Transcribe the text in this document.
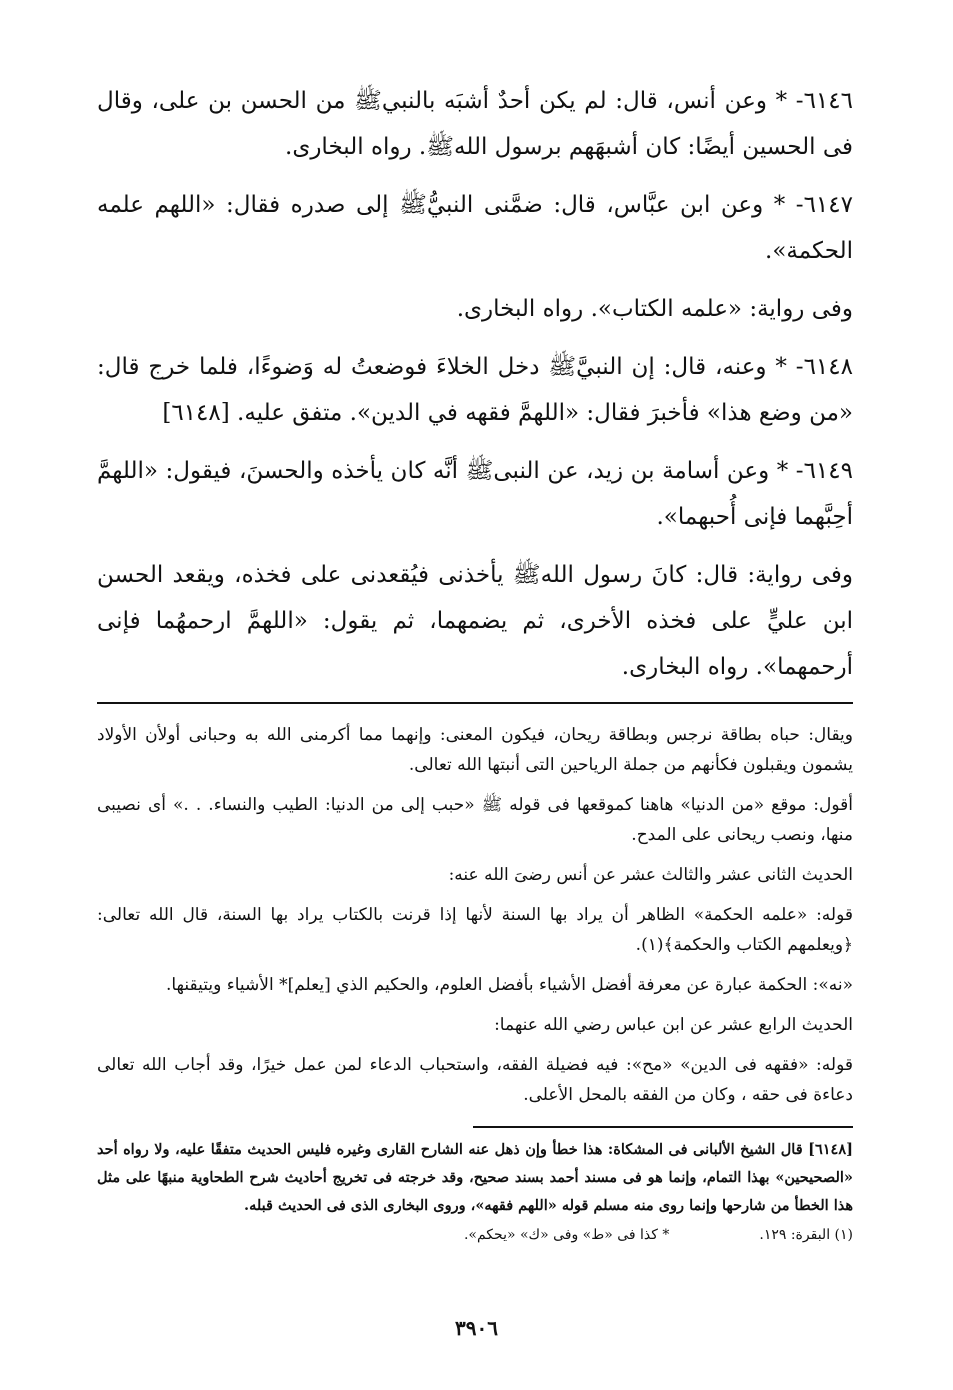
٦١٤٦- * وعن أنس، قال: لم يكن أحدٌ أشبَه بالنبيﷺ من الحسن بن على، وقال فى الحسين أيضًا: كان أشبهَهم برسول اللهﷺ. رواه البخارى.

٦١٤٧- * وعن ابن عبَّاس، قال: ضمَّنى النبيُّﷺ إلى صدره فقال: «اللهم علمه الحكمة».

وفى رواية: «علمه الكتاب». رواه البخارى.

٦١٤٨- * وعنه، قال: إن النبيَّﷺ دخل الخلاءَ فوضعتُ له وَضوءًا، فلما خرج قال: «من وضع هذا» فأخبرَ فقال: «اللهمَّ فقهه في الدين». متفق عليه. [٦١٤٨]

٦١٤٩- * وعن أسامة بن زيد، عن النبىﷺ أنَّه كان يأخذه والحسنَ، فيقول: «اللهمَّ أحِبَّهما فإنى أُحبهما».

وفى رواية: قال: كانَ رسول اللهﷺ يأخذنى فيُقعدنى على فخذه، ويقعد الحسن ابن عليٍّ على فخذه الأخرى، ثم يضمهما، ثم يقول: «اللهمَّ ارحمهُما فإنى أرحمهما». رواه البخارى.

ويقال: حباه بطاقة نرجس وبطاقة ريحان، فيكون المعنى: وإنهما مما أكرمنى الله به وحبانى أولأن الأولاد يشمون ويقبلون فكأنهم من جملة الرياحين التى أنبتها الله تعالى.

أقول: موقع «من الدنيا» هاهنا كموقعها فى قوله ﷺ «حبب إلى من الدنيا: الطيب والنساء. . .» أى نصيبى منها، ونصب ريحانى على المدح.

الحديث الثانى عشر والثالث عشر عن أنس رضىَ الله عنه:

قوله: «علمه الحكمة» الظاهر أن يراد بها السنة لأنها إذا قرنت بالكتاب يراد بها السنة، قال الله تعالى: ﴿ويعلمهم الكتاب والحكمة﴾(١).

«نه»: الحكمة عبارة عن معرفة أفضل الأشياء بأفضل العلوم، والحكيم الذي [يعلم]* الأشياء ويتيقنها.

الحديث الرابع عشر عن ابن عباس رضي الله عنهما:

قوله: «فقهه فى الدين» «مح»: فيه فضيلة الفقه، واستحباب الدعاء لمن عمل خيرًا، وقد أجاب الله تعالى دعاءة فى حقه ، وكان من الفقه بالمحل الأعلى.

[٦١٤٨] قال الشيخ الألبانى فى المشكاة: هذا خطأ وإن ذهل عنه الشارح القارى وغيره فليس الحديث متفقًا عليه، ولا رواه أحد «الصحيحين» بهذا التمام، وإنما هو فى مسند أحمد بسند صحيح، وقد خرجته فى تخريج أحاديث شرح الطحاوية منبهًا على مثل هذا الخطأ من شارحها وإنما روى منه مسلم قوله «اللهم فقهه»، وروى البخارى الذى فى الحديث قبله.

(١) البقرة: ١٢٩.
* كذا فى «ط» وفى «ك» «يحكم».
٣٩٠٦
